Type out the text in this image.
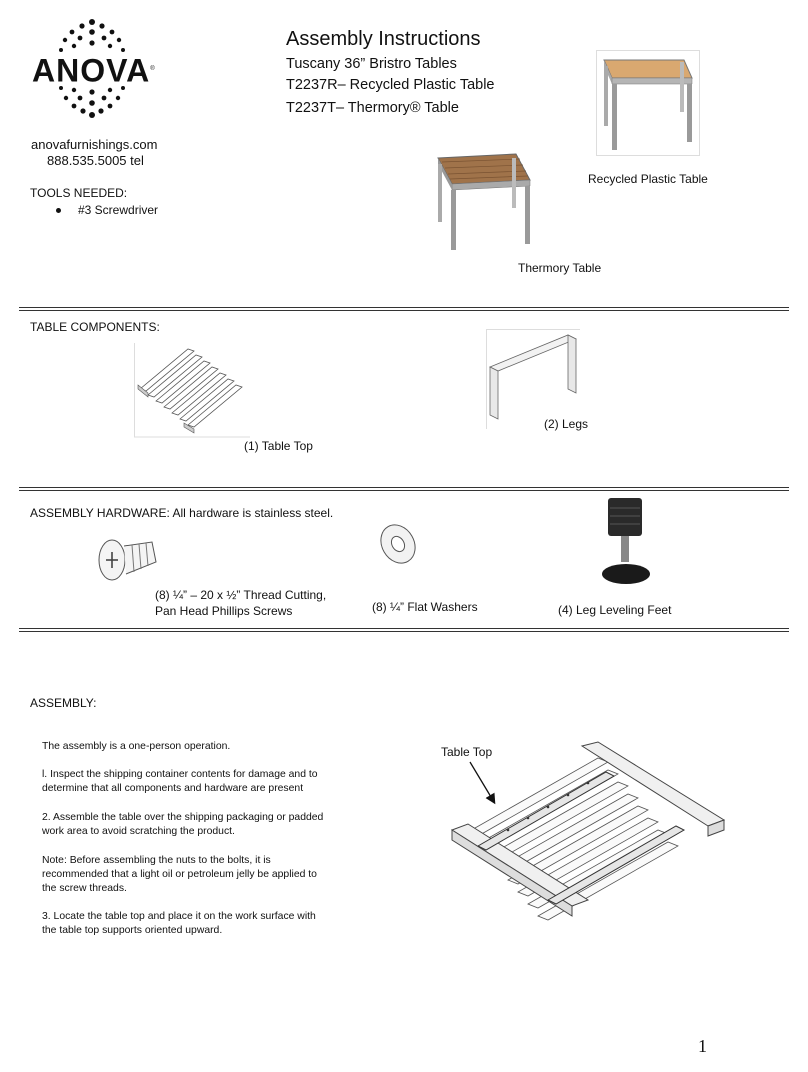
ANOVA®
anovafurnishings.com
888.535.5005 tel
TOOLS NEEDED:
#3 Screwdriver
Assembly Instructions
Tuscany 36” Bristro Tables
T2237R– Recycled Plastic Table
T2237T– Thermory® Table
Recycled Plastic Table
Thermory Table
TABLE COMPONENTS:
(1) Table Top
(2) Legs
ASSEMBLY HARDWARE: All hardware is stainless steel.
(8) ¼” – 20 x ½” Thread Cutting,
Pan Head Phillips Screws	(8) ¼” Flat Washers	(4) Leg Leveling Feet
ASSEMBLY:
The assembly is a one-person operation.
l. Inspect the shipping container contents for damage and to
determine that all components and hardware are present
2. Assemble the table over the shipping packaging or padded
work area to avoid scratching the product.
Note: Before assembling the nuts to the bolts, it is
recommended that a light oil or petroleum jelly be applied to
the screw threads.
3. Locate the table top and place it on the work surface with
the table top supports oriented upward.
Table Top
1
